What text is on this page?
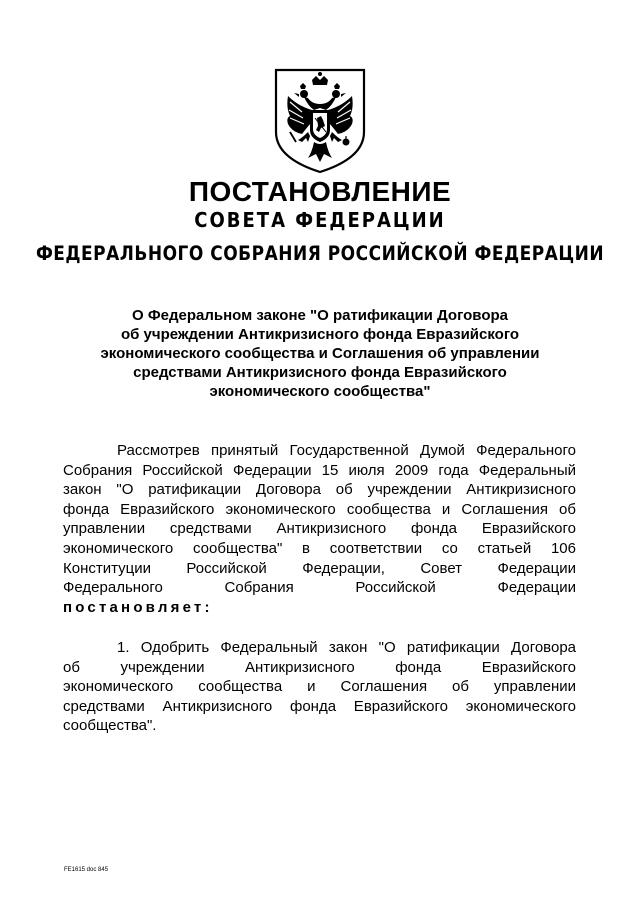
ПОСТАНОВЛЕНИЕ
СОВЕТА ФЕДЕРАЦИИ
ФЕДЕРАЛЬНОГО СОБРАНИЯ РОССИЙСКОЙ ФЕДЕРАЦИИ
О Федеральном законе "О ратификации Договора
об учреждении Антикризисного фонда Евразийского
экономического сообщества и Соглашения об управлении
средствами Антикризисного фонда Евразийского
экономического сообщества"
Рассмотрев принятый Государственной Думой Федерального
Собрания Российской Федерации 15 июля 2009 года Федеральный
закон "О ратификации Договора об учреждении Антикризисного
фонда Евразийского экономического сообщества и Соглашения об
управлении средствами Антикризисного фонда Евразийского
экономического сообщества" в соответствии со статьей 106
Конституции Российской Федерации, Совет Федерации
Федерального Собрания Российской Федерации
постановляет:
1. Одобрить Федеральный закон "О ратификации Договора
об учреждении Антикризисного фонда Евразийского
экономического сообщества и Соглашения об управлении
средствами Антикризисного фонда Евразийского экономического
сообщества".
FE1615 doc 845
